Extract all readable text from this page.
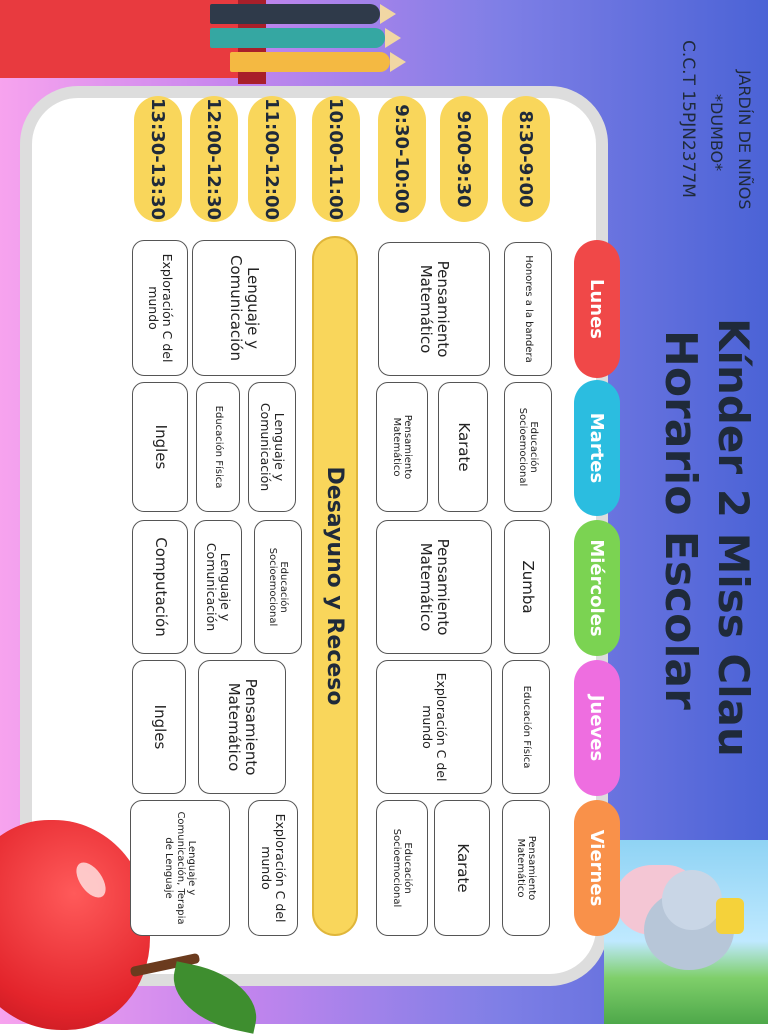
JARDÍN DE NIÑOS
*DUMBO*
C.C.T 15PJN2377M
Kínder 2 Miss Clau
Horario Escolar
Lunes
Martes
Miércoles
Jueves
Viernes
8:30-9:00
9:00-9:30
9:30-10:00
10:00-11:00
11:00-12:00
12:00-12:30
13:30-13:30
Desayuno y Receso
Honores a la bandera
Pensamiento Matemático
Lenguaje y Comunicación
Exploración C del mundo
Educación Socioemocional
Karate
Pensamiento Matemático
Lenguaje y Comunicación
Educación Física
Ingles
Zumba
Pensamiento Matemático
Educación Socioemocional
Lenguaje y Comunicación
Computación
Educación Física
Exploración C del mundo
Pensamiento Matemático
Ingles
Pensamiento Matemático
Karate
Educación Socioemocional
Exploración C del mundo
Lenguaje y Comunicación, Terapia de Lenguaje
